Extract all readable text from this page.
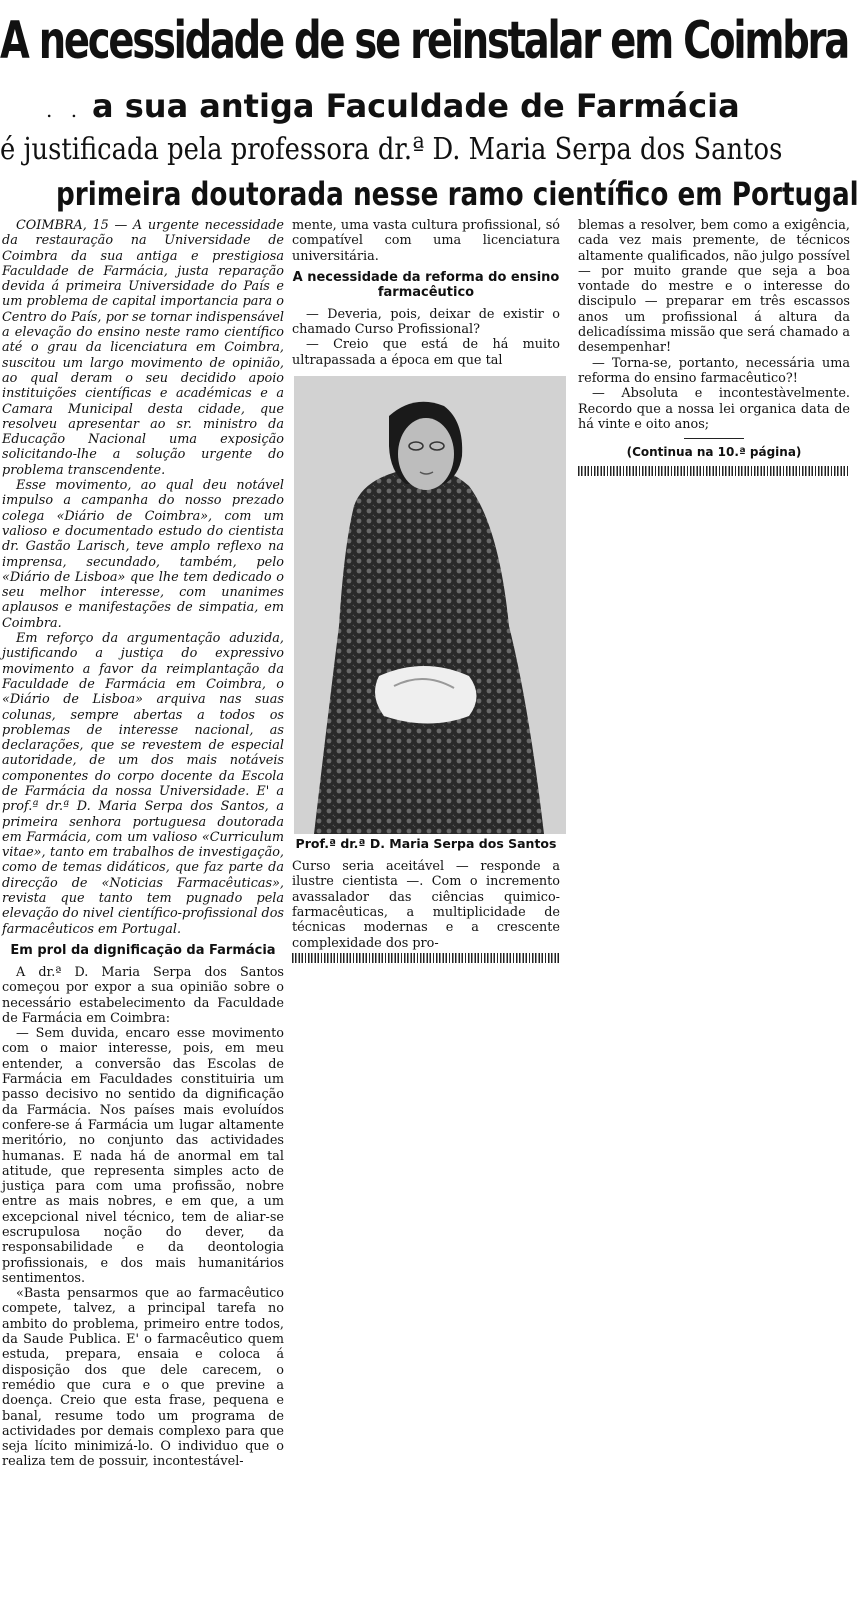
A necessidade de se reinstalar em Coimbra
. . a sua antiga Faculdade de Farmácia
é justificada pela professora dr.ª D. Maria Serpa dos Santos
primeira doutorada nesse ramo científico em Portugal

COIMBRA, 15 — A urgente necessidade da restauração na Universidade de Coimbra da sua antiga e prestigiosa Faculdade de Farmácia, justa reparação devida á primeira Universidade do País e um problema de capital importancia para o Centro do País, por se tornar indispensável a elevação do ensino neste ramo científico até o grau da licenciatura em Coimbra, suscitou um largo movimento de opinião, ao qual deram o seu decidido apoio instituições científicas e académicas e a Camara Municipal desta cidade, que resolveu apresentar ao sr. ministro da Educação Nacional uma exposição solicitando-lhe a solução urgente do problema transcendente.

Esse movimento, ao qual deu notável impulso a campanha do nosso prezado colega «Diário de Coimbra», com um valioso e documentado estudo do cientista dr. Gastão Larisch, teve amplo reflexo na imprensa, secundado, também, pelo «Diário de Lisboa» que lhe tem dedicado o seu melhor interesse, com unanimes aplausos e manifestações de simpatia, em Coimbra.

Em reforço da argumentação aduzida, justificando a justiça do expressivo movimento a favor da reimplantação da Faculdade de Farmácia em Coimbra, o «Diário de Lisboa» arquiva nas suas colunas, sempre abertas a todos os problemas de interesse nacional, as declarações, que se revestem de especial autoridade, de um dos mais notáveis componentes do corpo docente da Escola de Farmácia da nossa Universidade. E' a prof.ª dr.ª D. Maria Serpa dos Santos, a primeira senhora portuguesa doutorada em Farmácia, com um valioso «Curriculum vitae», tanto em trabalhos de investigação, como de temas didáticos, que faz parte da direcção de «Noticias Farmacêuticas», revista que tanto tem pugnado pela elevação do nivel científico-profissional dos farmacêuticos em Portugal.

Em prol da dignificação da Farmácia

A dr.ª D. Maria Serpa dos Santos começou por expor a sua opinião sobre o necessário estabelecimento da Faculdade de Farmácia em Coimbra:

— Sem duvida, encaro esse movimento com o maior interesse, pois, em meu entender, a conversão das Escolas de Farmácia em Faculdades constituiria um passo decisivo no sentido da dignificação da Farmácia. Nos países mais evoluídos confere-se á Farmácia um lugar altamente meritório, no conjunto das actividades humanas. E nada há de anormal em tal atitude, que representa simples acto de justiça para com uma profissão, nobre entre as mais nobres, e em que, a um excepcional nivel técnico, tem de aliar-se escrupulosa noção do dever, da responsabilidade e da deontologia profissionais, e dos mais humanitários sentimentos.

«Basta pensarmos que ao farmacêutico compete, talvez, a principal tarefa no ambito do problema, primeiro entre todos, da Saude Publica. E' o farmacêutico quem estuda, prepara, ensaia e coloca á disposição dos que dele carecem, o remédio que cura e o que previne a doença. Creio que esta frase, pequena e banal, resume todo um programa de actividades por demais complexo para que seja lícito minimizá-lo. O individuo que o realiza tem de possuir, incontestável-

mente, uma vasta cultura profissional, só compatível com uma licenciatura universitária.

A necessidade da reforma do ensino farmacêutico

— Deveria, pois, deixar de existir o chamado Curso Profissional?

— Creio que está de há muito ultrapassada a época em que tal

Prof.ª dr.ª D. Maria Serpa dos Santos

Curso seria aceitável — responde a ilustre cientista —. Com o incremento avassalador das ciências quimico-farmacêuticas, a multiplicidade de técnicas modernas e a crescente complexidade dos pro-

blemas a resolver, bem como a exigência, cada vez mais premente, de técnicos altamente qualificados, não julgo possível — por muito grande que seja a boa vontade do mestre e o interesse do discipulo — preparar em três escassos anos um profissional á altura da delicadíssima missão que será chamado a desempenhar!

— Torna-se, portanto, necessária uma reforma do ensino farmacêutico?!

— Absoluta e incontestàvelmente. Recordo que a nossa lei organica data de há vinte e oito anos;

(Continua na 10.ª página)
